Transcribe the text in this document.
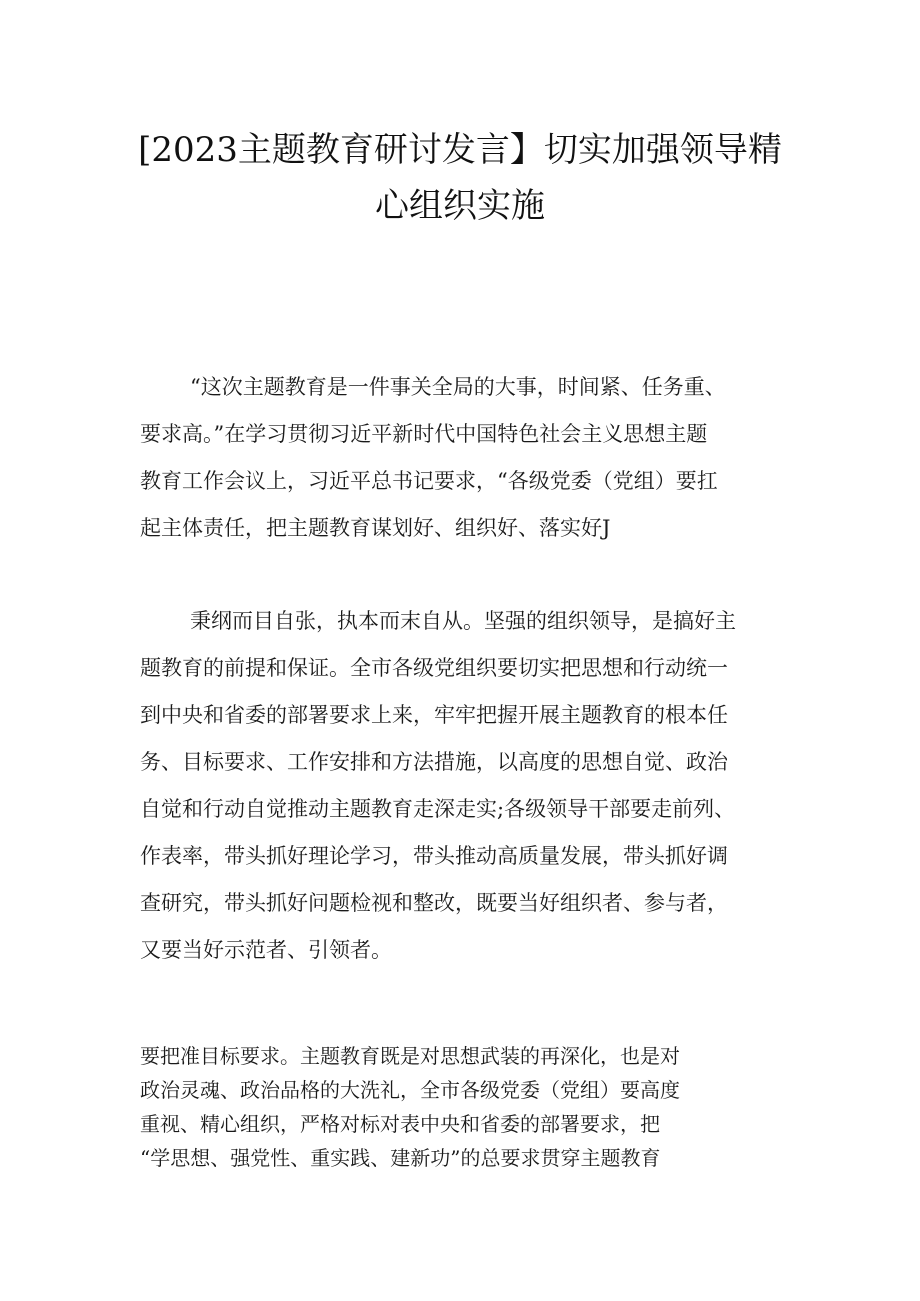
[2023主题教育研讨发言】切实加强领导精
心组织实施
“这次主题教育是一件事关全局的大事，时间紧、任务重、
要求高。”在学习贯彻习近平新时代中国特色社会主义思想主题
教育工作会议上，习近平总书记要求，“各级党委（党组）要扛
起主体责任，把主题教育谋划好、组织好、落实好J
秉纲而目自张，执本而末自从。坚强的组织领导，是搞好主
题教育的前提和保证。全市各级党组织要切实把思想和行动统一
到中央和省委的部署要求上来，牢牢把握开展主题教育的根本任
务、目标要求、工作安排和方法措施，以高度的思想自觉、政治
自觉和行动自觉推动主题教育走深走实;各级领导干部要走前列、
作表率，带头抓好理论学习，带头推动高质量发展，带头抓好调
查研究，带头抓好问题检视和整改，既要当好组织者、参与者，
又要当好示范者、引领者。
要把准目标要求。主题教育既是对思想武装的再深化，也是对
政治灵魂、政治品格的大洗礼，全市各级党委（党组）要高度
重视、精心组织，严格对标对表中央和省委的部署要求，把
“学思想、强党性、重实践、建新功”的总要求贯穿主题教育
